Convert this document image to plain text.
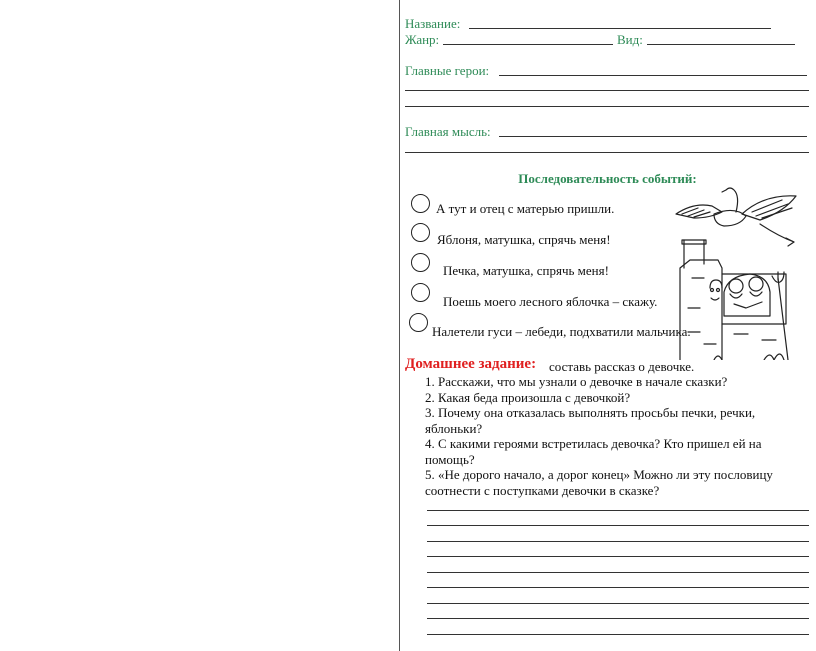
Название:
Жанр:	Вид:
Главные герои:
Главная мысль:
Последовательность событий:
А тут и отец с матерью пришли.
Яблоня, матушка, спрячь меня!
Печка, матушка, спрячь меня!
Поешь моего лесного яблочка – скажу.
Налетели гуси – лебеди, подхватили мальчика.
Домашнее задание: составь рассказ о девочке.
1. Расскажи, что мы узнали о девочке в начале сказки?
2. Какая беда произошла с девочкой?
3. Почему она отказалась выполнять просьбы печки, речки, яблоньки?
4. С какими героями встретилась девочка? Кто пришел ей на помощь?
5. «Не дорого начало, а дорог конец» Можно ли эту пословицу соотнести с поступками девочки в сказке?
